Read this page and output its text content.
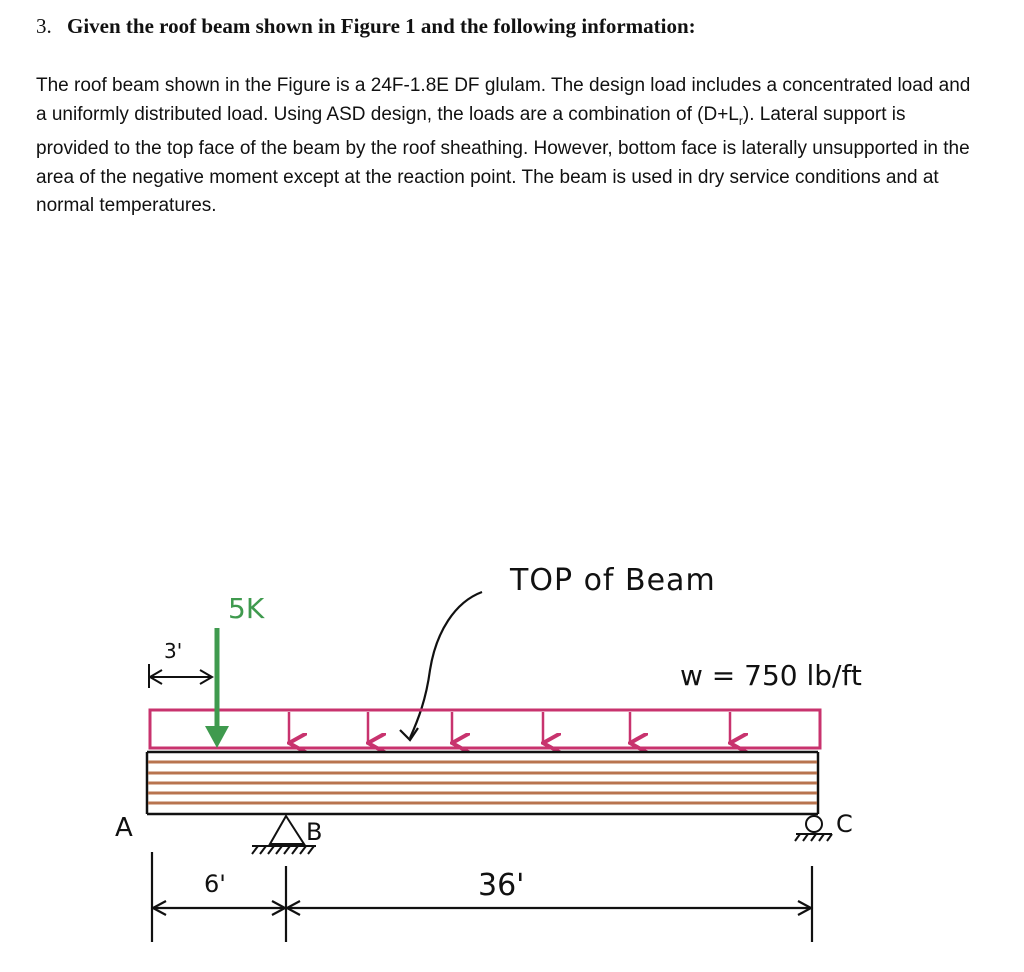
3. Given the roof beam shown in Figure 1 and the following information:

The roof beam shown in the Figure is a 24F-1.8E DF glulam. The design load includes a concentrated load and a uniformly distributed load. Using ASD design, the loads are a combination of $(D+L_r)$. Lateral support is provided to the top face of the beam by the roof sheathing. However, bottom face is laterally unsupported in the area of the negative moment except at the reaction point. The beam is used in dry service conditions and at normal temperatures.

TOP of Beam
5K
3'
w = 750 lb/ft
A	B	C
6'	36'
